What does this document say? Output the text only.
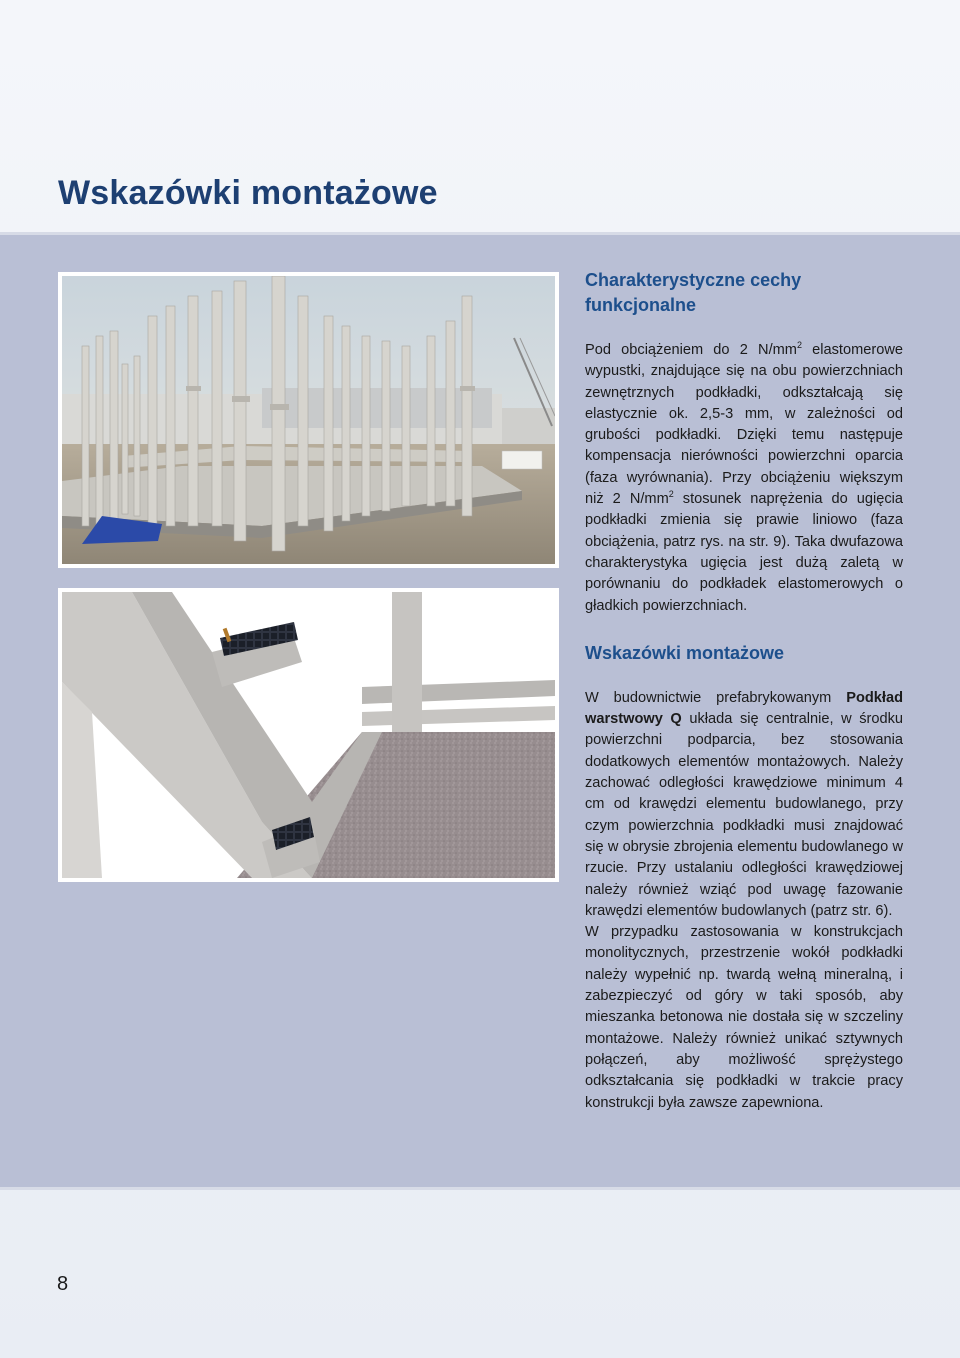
Wskazówki montażowe
Charakterystyczne cechy funkcjonalne

Pod obciążeniem do 2 $N/mm^2$ elastomerowe wypustki, znajdujące się na obu powierzchniach zewnętrznych podkładki, odkształcają się elastycznie ok. 2,5-3 mm, w zależności od grubości podkładki. Dzięki temu następuje kompensacja nierówności powierzchni oparcia (faza wyrównania). Przy obciążeniu większym niż 2 $N/mm^2$ stosunek naprężenia do ugięcia podkładki zmienia się prawie liniowo (faza obciążenia, patrz rys. na str. 9). Taka dwufazowa charakterystyka ugięcia jest dużą zaletą w porównaniu do podkładek elastomerowych o gładkich powierzchniach.

Wskazówki montażowe

W budownictwie prefabrykowanym Podkład warstwowy Q układa się centralnie, w środku powierzchni podparcia, bez stosowania dodatkowych elementów montażowych. Należy zachować odległości krawędziowe minimum 4 cm od krawędzi elementu budowlanego, przy czym powierzchnia podkładki musi znajdować się w obrysie zbrojenia elementu budowlanego w rzucie. Przy ustalaniu odległości krawędziowej należy również wziąć pod uwagę fazowanie krawędzi elementów budowlanych (patrz str. 6).

W przypadku zastosowania w konstrukcjach monolitycznych, przestrzenie wokół podkładki należy wypełnić np. twardą wełną mineralną, i zabezpieczyć od góry w taki sposób, aby mieszanka betonowa nie dostała się w szczeliny montażowe. Należy również unikać sztywnych połączeń, aby możliwość sprężystego odkształcania się podkładki w trakcie pracy konstrukcji była zawsze zapewniona.

8
